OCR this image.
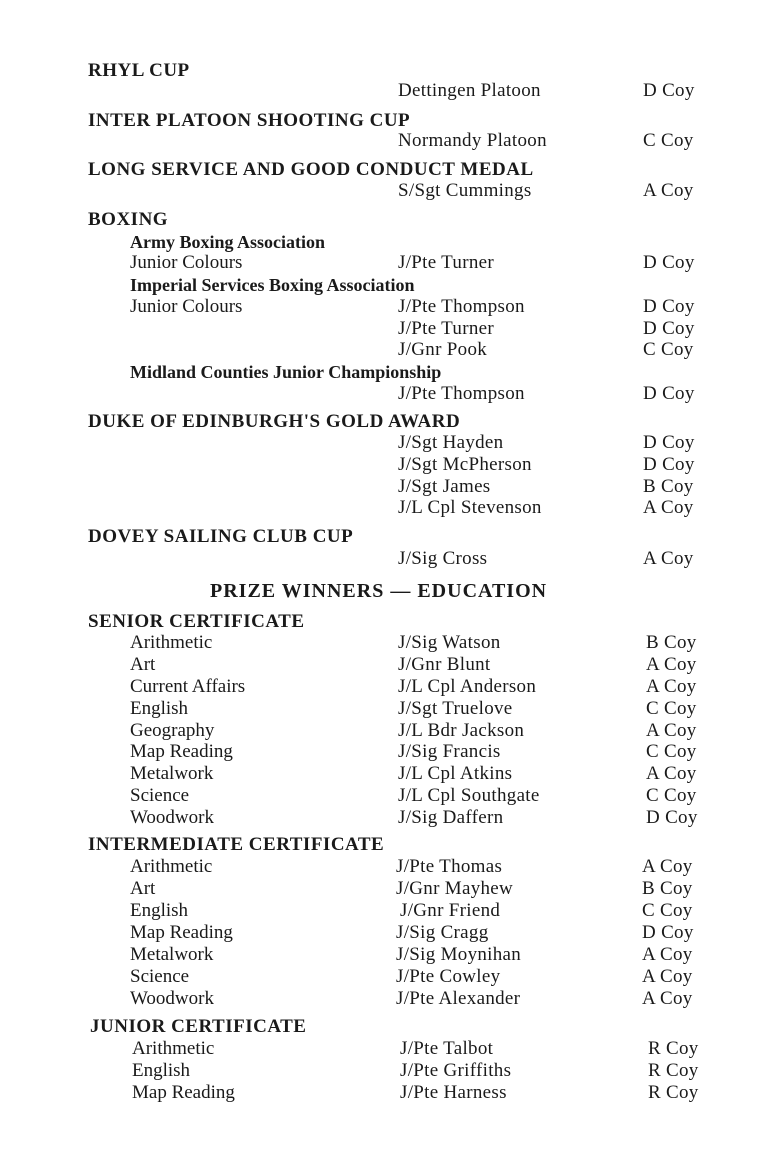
RHYL CUP
Dettingen Platoon	D Coy
INTER PLATOON SHOOTING CUP
Normandy Platoon	C Coy
LONG SERVICE AND GOOD CONDUCT MEDAL
S/Sgt Cummings	A Coy
BOXING
Army Boxing Association
Junior Colours	J/Pte Turner	D Coy
Imperial Services Boxing Association
Junior Colours	J/Pte Thompson	D Coy
J/Pte Turner	D Coy
J/Gnr Pook	C Coy
Midland Counties Junior Championship
J/Pte Thompson	D Coy
DUKE OF EDINBURGH'S GOLD AWARD
J/Sgt Hayden	D Coy
J/Sgt McPherson	D Coy
J/Sgt James	B Coy
J/L Cpl Stevenson	A Coy
DOVEY SAILING CLUB CUP
J/Sig Cross	A Coy
PRIZE WINNERS — EDUCATION
SENIOR CERTIFICATE
Arithmetic	J/Sig Watson	B Coy
Art	J/Gnr Blunt	A Coy
Current Affairs	J/L Cpl Anderson	A Coy
English	J/Sgt Truelove	C Coy
Geography	J/L Bdr Jackson	A Coy
Map Reading	J/Sig Francis	C Coy
Metalwork	J/L Cpl Atkins	A Coy
Science	J/L Cpl Southgate	C Coy
Woodwork	J/Sig Daffern	D Coy
INTERMEDIATE CERTIFICATE
Arithmetic	J/Pte Thomas	A Coy
Art	J/Gnr Mayhew	B Coy
English	J/Gnr Friend	C Coy
Map Reading	J/Sig Cragg	D Coy
Metalwork	J/Sig Moynihan	A Coy
Science	J/Pte Cowley	A Coy
Woodwork	J/Pte Alexander	A Coy
JUNIOR CERTIFICATE
Arithmetic	J/Pte Talbot	R Coy
English	J/Pte Griffiths	R Coy
Map Reading	J/Pte Harness	R Coy
